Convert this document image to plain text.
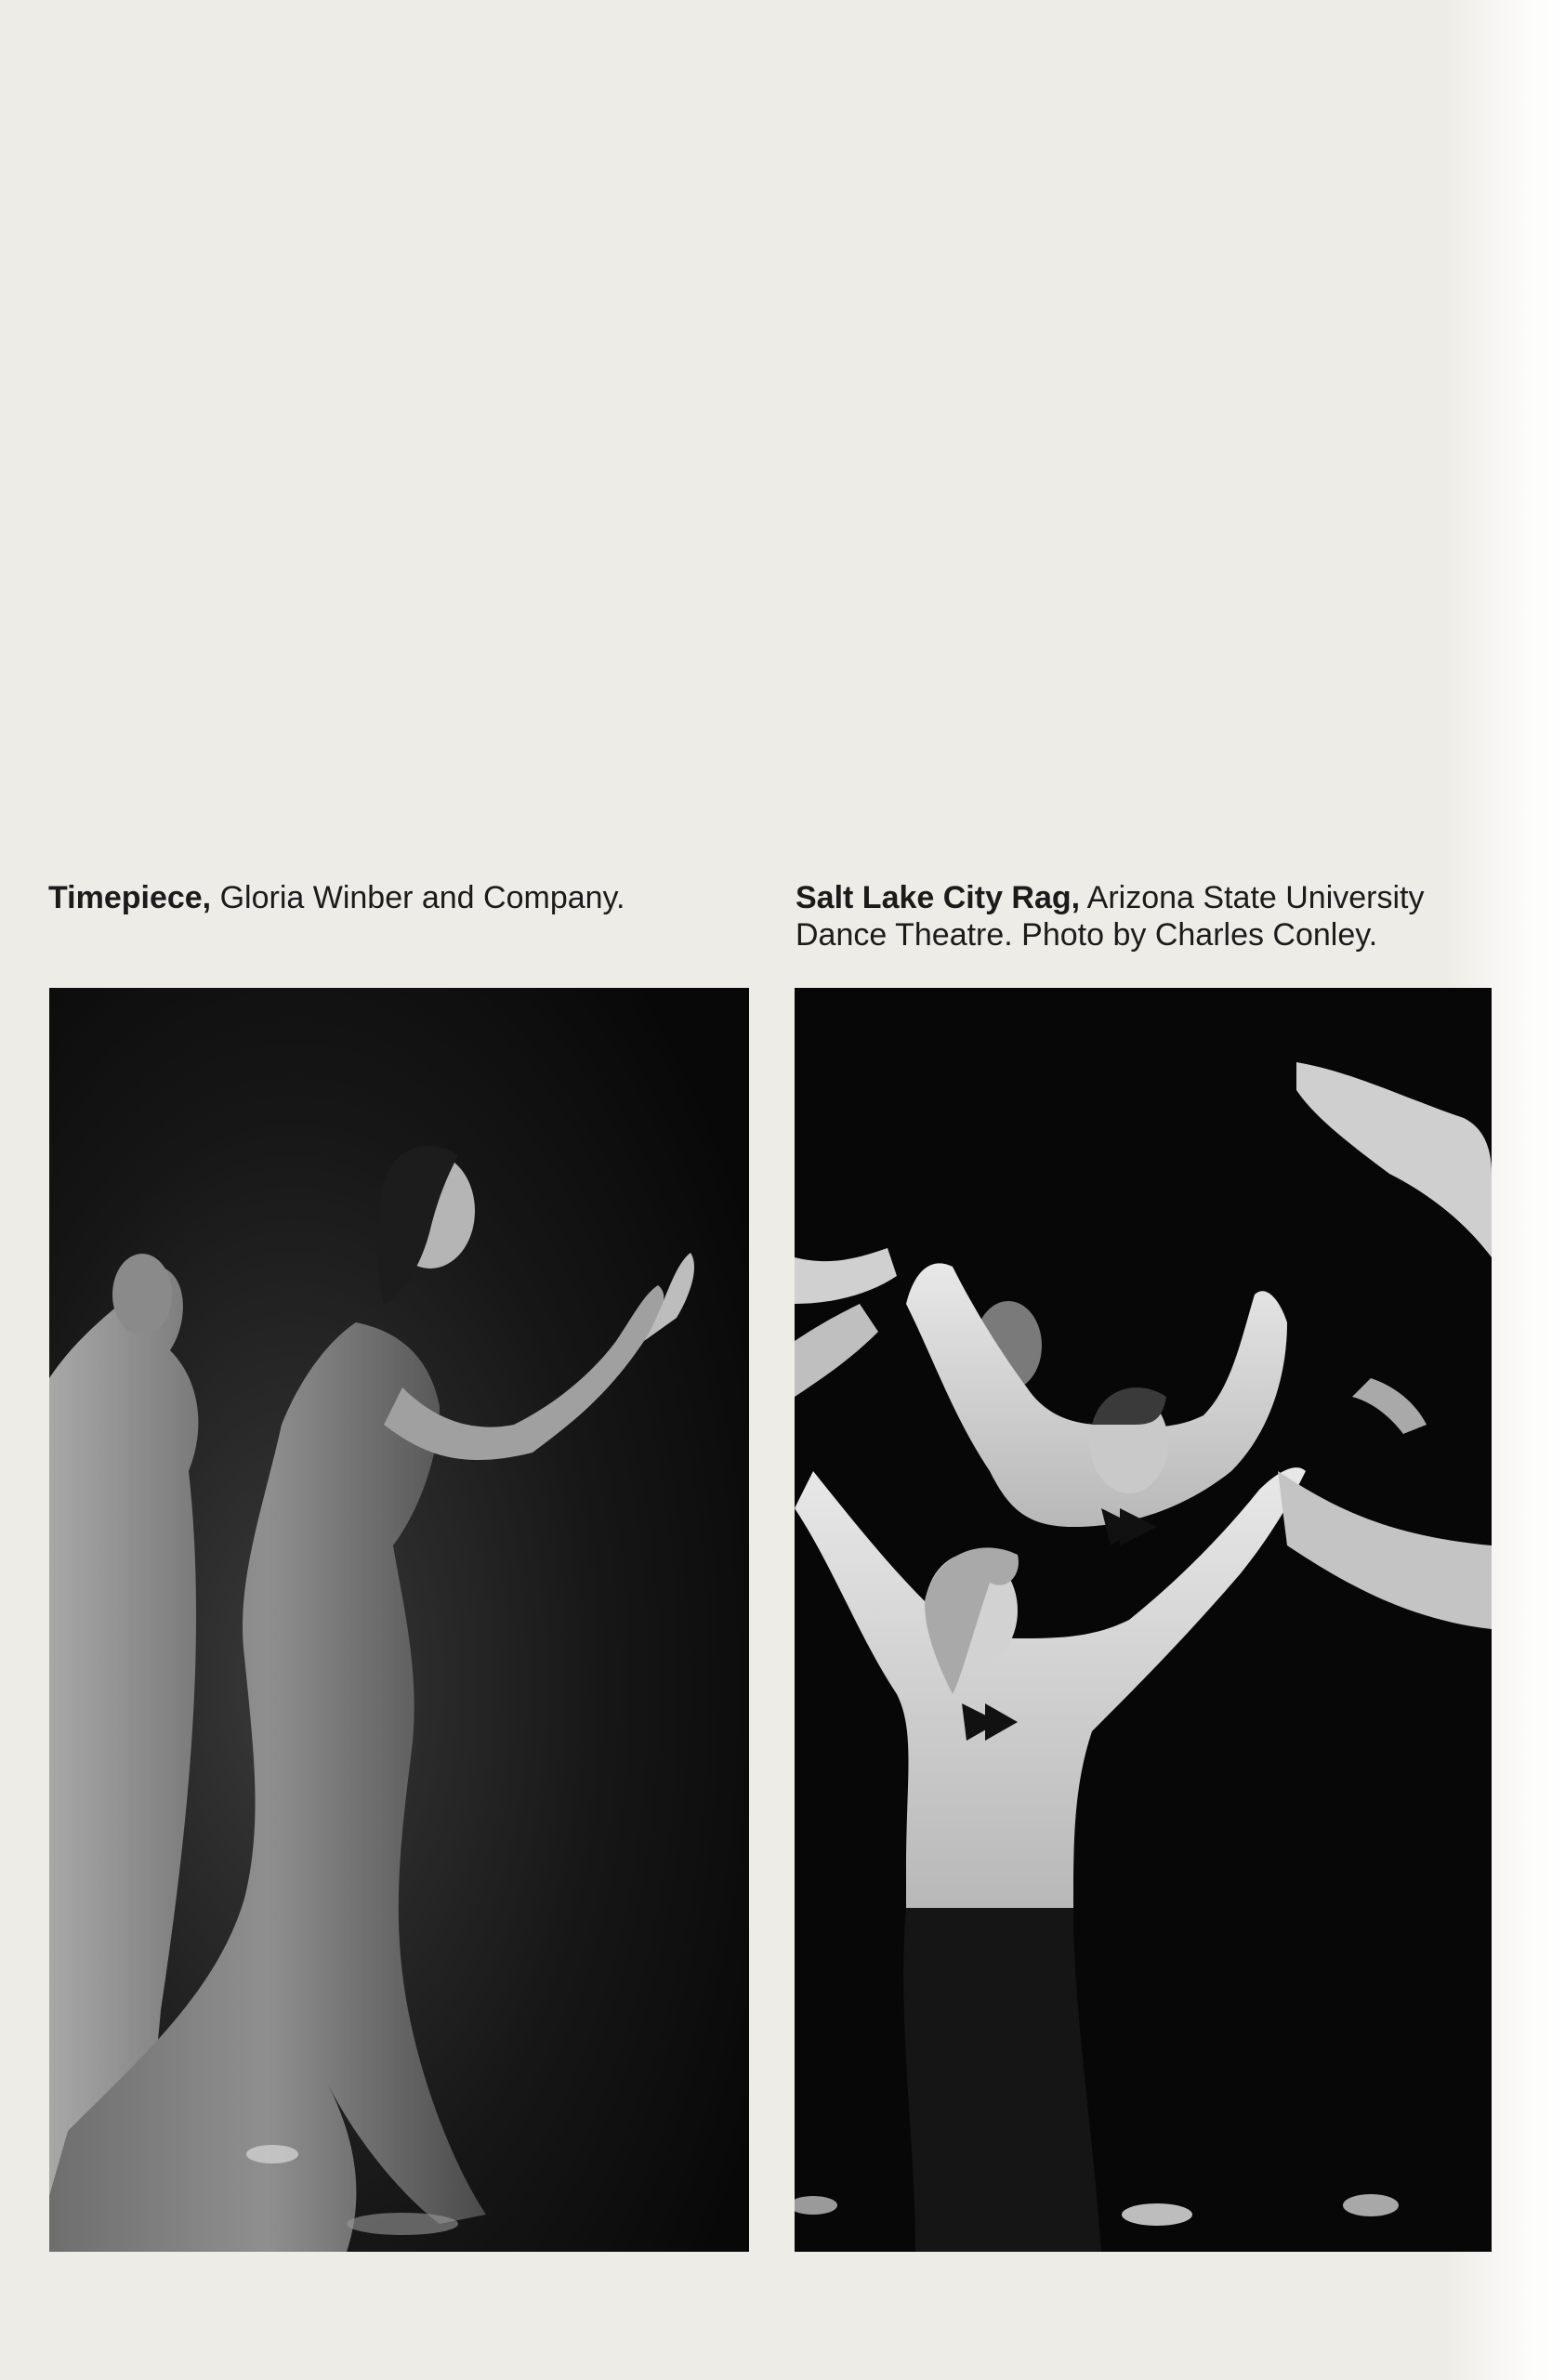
Timepiece, Gloria Winber and Company.	Salt Lake City Rag, Arizona State University
Dance Theatre. Photo by Charles Conley.
